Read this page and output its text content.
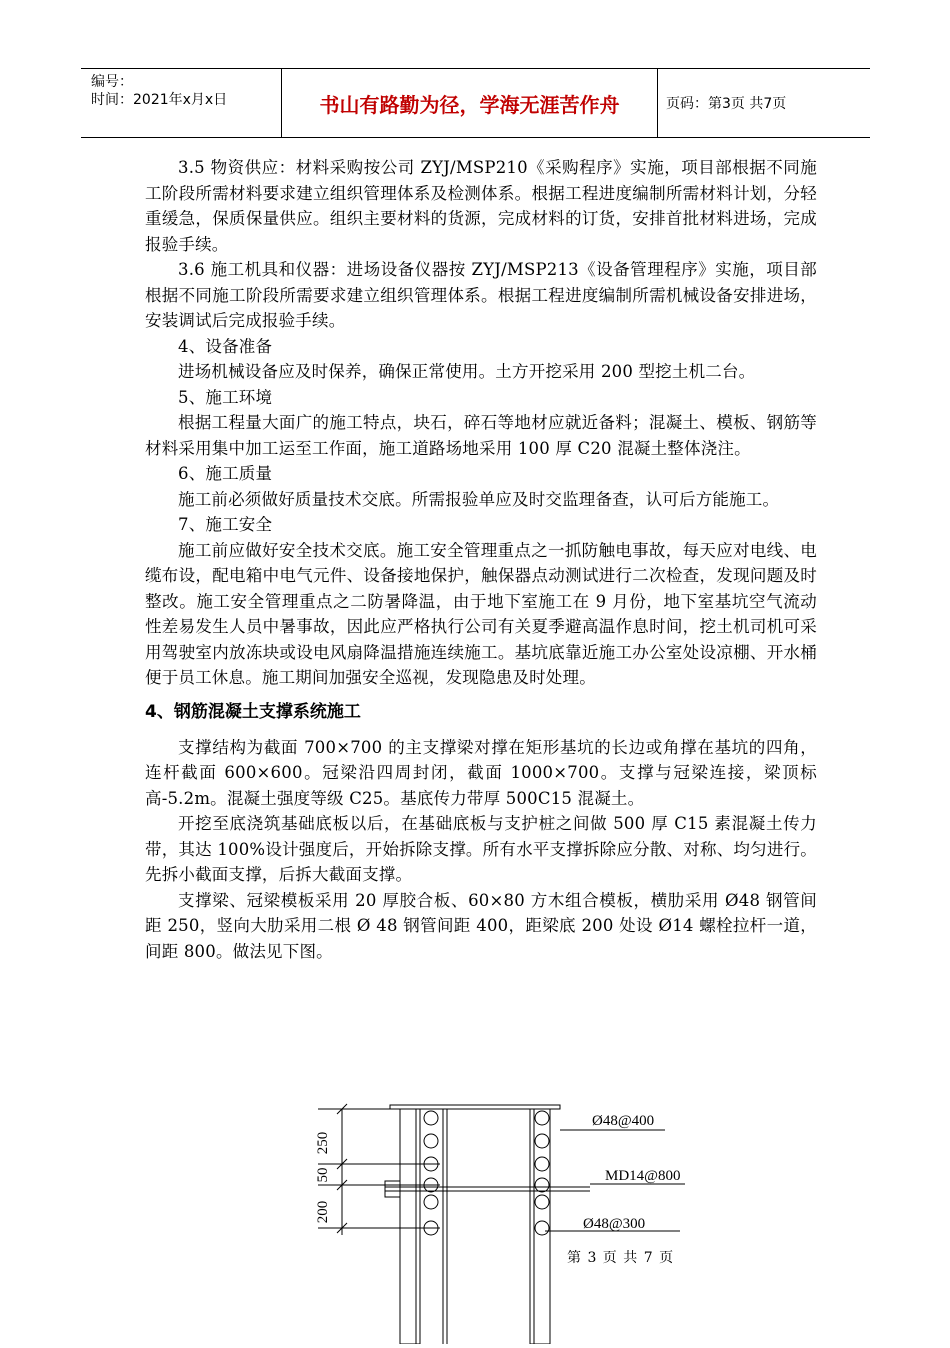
编号：
时间：2021年x月x日	书山有路勤为径，学海无涯苦作舟	页码：第3页 共7页

3.5 物资供应：材料采购按公司 ZYJ/MSP210《采购程序》实施，项目部根据不同施工阶段所需材料要求建立组织管理体系及检测体系。根据工程进度编制所需材料计划，分轻重缓急，保质保量供应。组织主要材料的货源，完成材料的订货，安排首批材料进场，完成报验手续。

3.6 施工机具和仪器：进场设备仪器按 ZYJ/MSP213《设备管理程序》实施，项目部根据不同施工阶段所需要求建立组织管理体系。根据工程进度编制所需机械设备安排进场，安装调试后完成报验手续。

4、设备准备

进场机械设备应及时保养，确保正常使用。土方开挖采用 200 型挖土机二台。

5、施工环境

根据工程量大面广的施工特点，块石，碎石等地材应就近备料；混凝土、模板、钢筋等材料采用集中加工运至工作面，施工道路场地采用 100 厚 C20 混凝土整体浇注。

6、施工质量

施工前必须做好质量技术交底。所需报验单应及时交监理备查，认可后方能施工。

7、施工安全

施工前应做好安全技术交底。施工安全管理重点之一抓防触电事故，每天应对电线、电缆布设，配电箱中电气元件、设备接地保护，触保器点动测试进行二次检查，发现问题及时整改。施工安全管理重点之二防暑降温，由于地下室施工在 9 月份，地下室基坑空气流动性差易发生人员中暑事故，因此应严格执行公司有关夏季避高温作息时间，挖土机司机可采用驾驶室内放冻块或设电风扇降温措施连续施工。基坑底靠近施工办公室处设凉棚、开水桶便于员工休息。施工期间加强安全巡视，发现隐患及时处理。

4、钢筋混凝土支撑系统施工

支撑结构为截面 700×700 的主支撑梁对撑在矩形基坑的长边或角撑在基坑的四角，连杆截面 600×600。冠梁沿四周封闭，截面 1000×700。支撑与冠梁连接，梁顶标高-5.2m。混凝土强度等级 C25。基底传力带厚 500C15 混凝土。

开挖至底浇筑基础底板以后，在基础底板与支护桩之间做 500 厚 C15 素混凝土传力带，其达 100%设计强度后，开始拆除支撑。所有水平支撑拆除应分散、对称、均匀进行。先拆小截面支撑，后拆大截面支撑。

支撑梁、冠梁模板采用 20 厚胶合板、60×80 方木组合模板，横肋采用 Ø48 钢管间距 250，竖向大肋采用二根 Ø 48 钢管间距 400，距梁底 200 处设 Ø14 螺栓拉杆一道，间距 800。做法见下图。

250
50
200
Ø48@400
MD14@800
Ø48@300
第 3 页 共 7 页
